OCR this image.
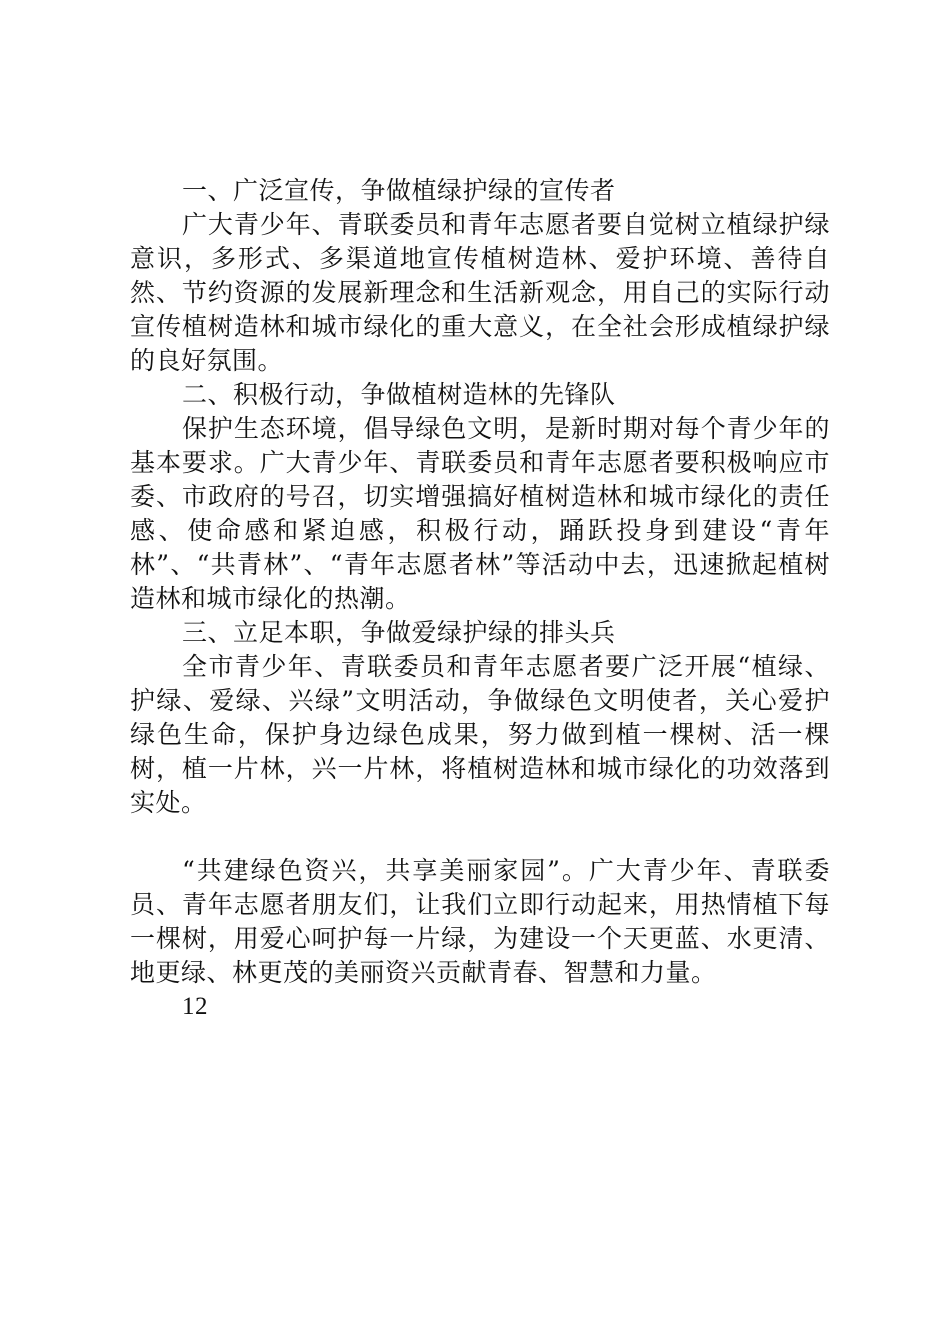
一、广泛宣传，争做植绿护绿的宣传者

广大青少年、青联委员和青年志愿者要自觉树立植绿护绿意识，多形式、多渠道地宣传植树造林、爱护环境、善待自然、节约资源的发展新理念和生活新观念，用自己的实际行动宣传植树造林和城市绿化的重大意义，在全社会形成植绿护绿的良好氛围。

二、积极行动，争做植树造林的先锋队

保护生态环境，倡导绿色文明，是新时期对每个青少年的基本要求。广大青少年、青联委员和青年志愿者要积极响应市委、市政府的号召，切实增强搞好植树造林和城市绿化的责任感、使命感和紧迫感，积极行动，踊跃投身到建设“青年林”、“共青林”、“青年志愿者林”等活动中去，迅速掀起植树造林和城市绿化的热潮。

三、立足本职，争做爱绿护绿的排头兵

全市青少年、青联委员和青年志愿者要广泛开展“植绿、护绿、爱绿、兴绿”文明活动，争做绿色文明使者，关心爱护绿色生命，保护身边绿色成果，努力做到植一棵树、活一棵树，植一片林，兴一片林，将植树造林和城市绿化的功效落到实处。

“共建绿色资兴，共享美丽家园”。广大青少年、青联委员、青年志愿者朋友们，让我们立即行动起来，用热情植下每一棵树，用爱心呵护每一片绿，为建设一个天更蓝、水更清、地更绿、林更茂的美丽资兴贡献青春、智慧和力量。

12
